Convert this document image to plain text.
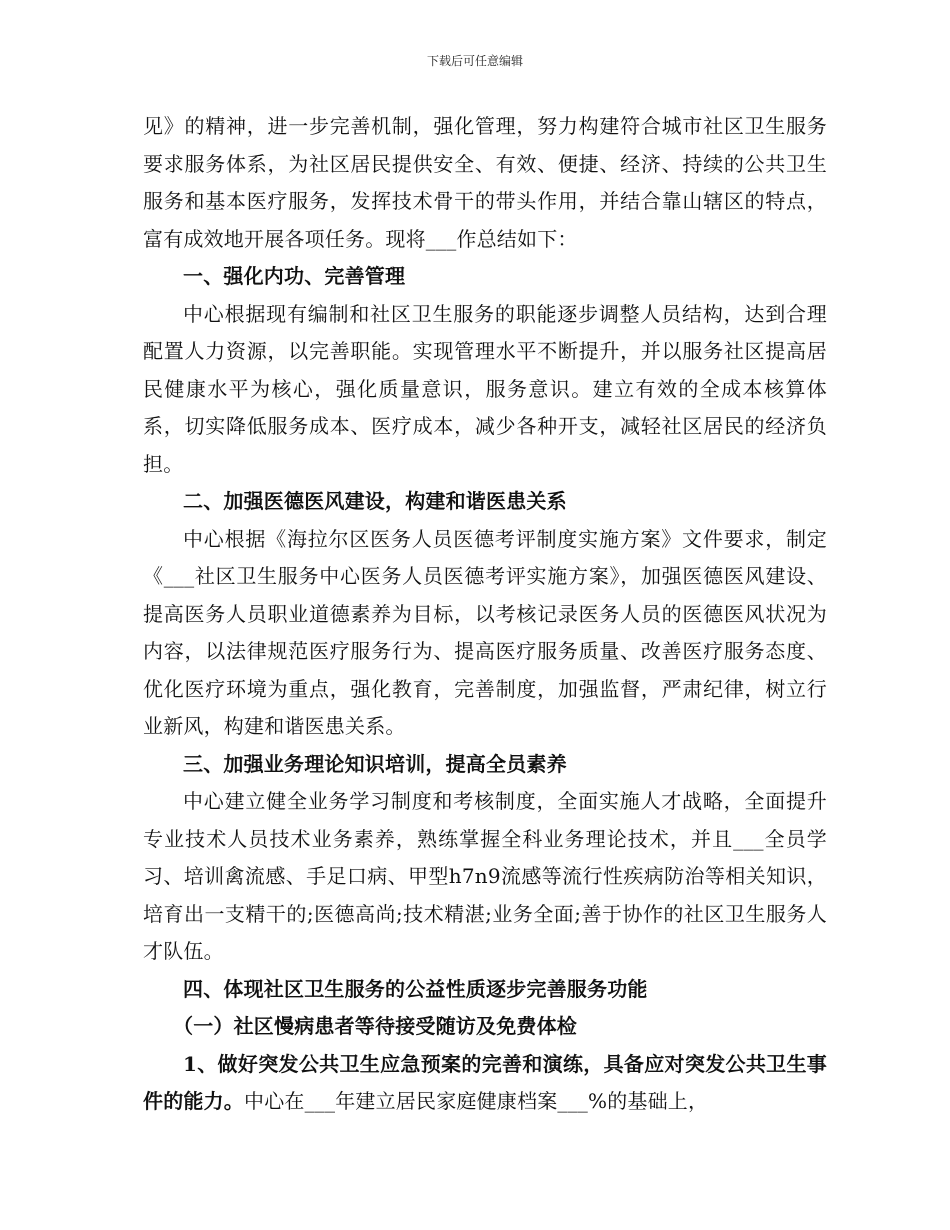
下载后可任意编辑

见》的精神，进一步完善机制，强化管理，努力构建符合城市社区卫生服务要求服务体系，为社区居民提供安全、有效、便捷、经济、持续的公共卫生服务和基本医疗服务，发挥技术骨干的带头作用，并结合靠山辖区的特点，富有成效地开展各项任务。现将___作总结如下：

一、强化内功、完善管理

中心根据现有编制和社区卫生服务的职能逐步调整人员结构，达到合理配置人力资源，以完善职能。实现管理水平不断提升，并以服务社区提高居民健康水平为核心，强化质量意识，服务意识。建立有效的全成本核算体系，切实降低服务成本、医疗成本，减少各种开支，减轻社区居民的经济负担。

二、加强医德医风建设，构建和谐医患关系

中心根据《海拉尔区医务人员医德考评制度实施方案》文件要求，制定《___社区卫生服务中心医务人员医德考评实施方案》，加强医德医风建设、提高医务人员职业道德素养为目标，以考核记录医务人员的医德医风状况为内容，以法律规范医疗服务行为、提高医疗服务质量、改善医疗服务态度、优化医疗环境为重点，强化教育，完善制度，加强监督，严肃纪律，树立行业新风，构建和谐医患关系。

三、加强业务理论知识培训，提高全员素养

中心建立健全业务学习制度和考核制度，全面实施人才战略，全面提升专业技术人员技术业务素养，熟练掌握全科业务理论技术，并且___全员学习、培训禽流感、手足口病、甲型h7n9流感等流行性疾病防治等相关知识，培育出一支精干的;医德高尚;技术精湛;业务全面;善于协作的社区卫生服务人才队伍。

四、体现社区卫生服务的公益性质逐步完善服务功能

（一）社区慢病患者等待接受随访及免费体检

1、做好突发公共卫生应急预案的完善和演练，具备应对突发公共卫生事件的能力。中心在___年建立居民家庭健康档案___%的基础上，
